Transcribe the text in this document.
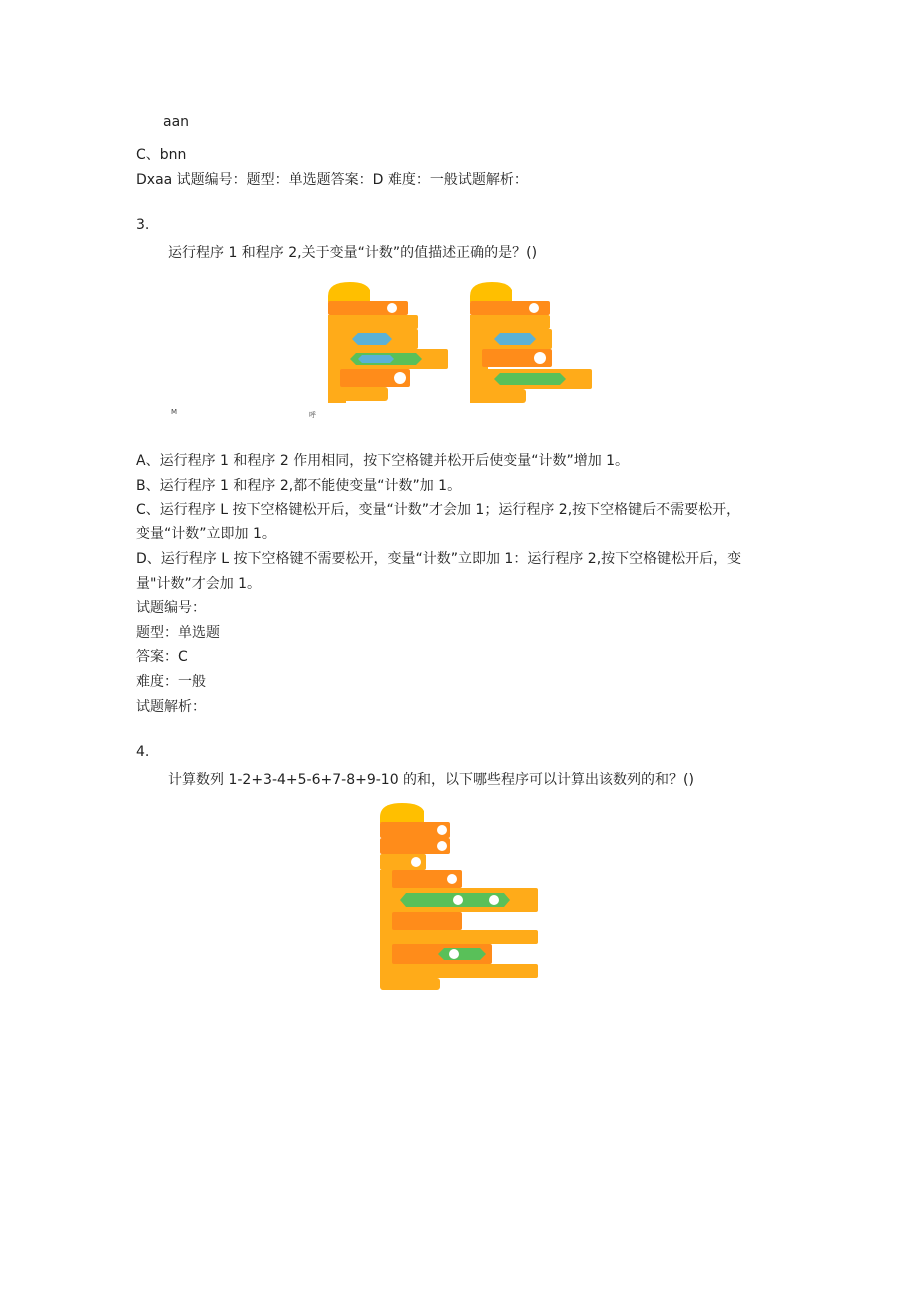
aan
C、bnn
Dxaa 试题编号：题型：单选题答案：D 难度：一般试题解析：
3.
运行程序 1 和程序 2,关于变量“计数”的值描述正确的是？()
M	呼
A、运行程序 1 和程序 2 作用相同，按下空格键并松开后使变量“计数”增加 1。
B、运行程序 1 和程序 2,都不能使变量“计数”加 1。
C、运行程序 L 按下空格键松开后，变量“计数”才会加 1；运行程序 2,按下空格键后不需要松开，
变量“计数”立即加 1。
D、运行程序 L 按下空格键不需要松开，变量“计数”立即加 1：运行程序 2,按下空格键松开后，变
量"计数”才会加 1。
试题编号：
题型：单选题
答案：C
难度：一般
试题解析：
4.
计算数列 1-2+3-4+5-6+7-8+9-10 的和，以下哪些程序可以计算出该数列的和？()
